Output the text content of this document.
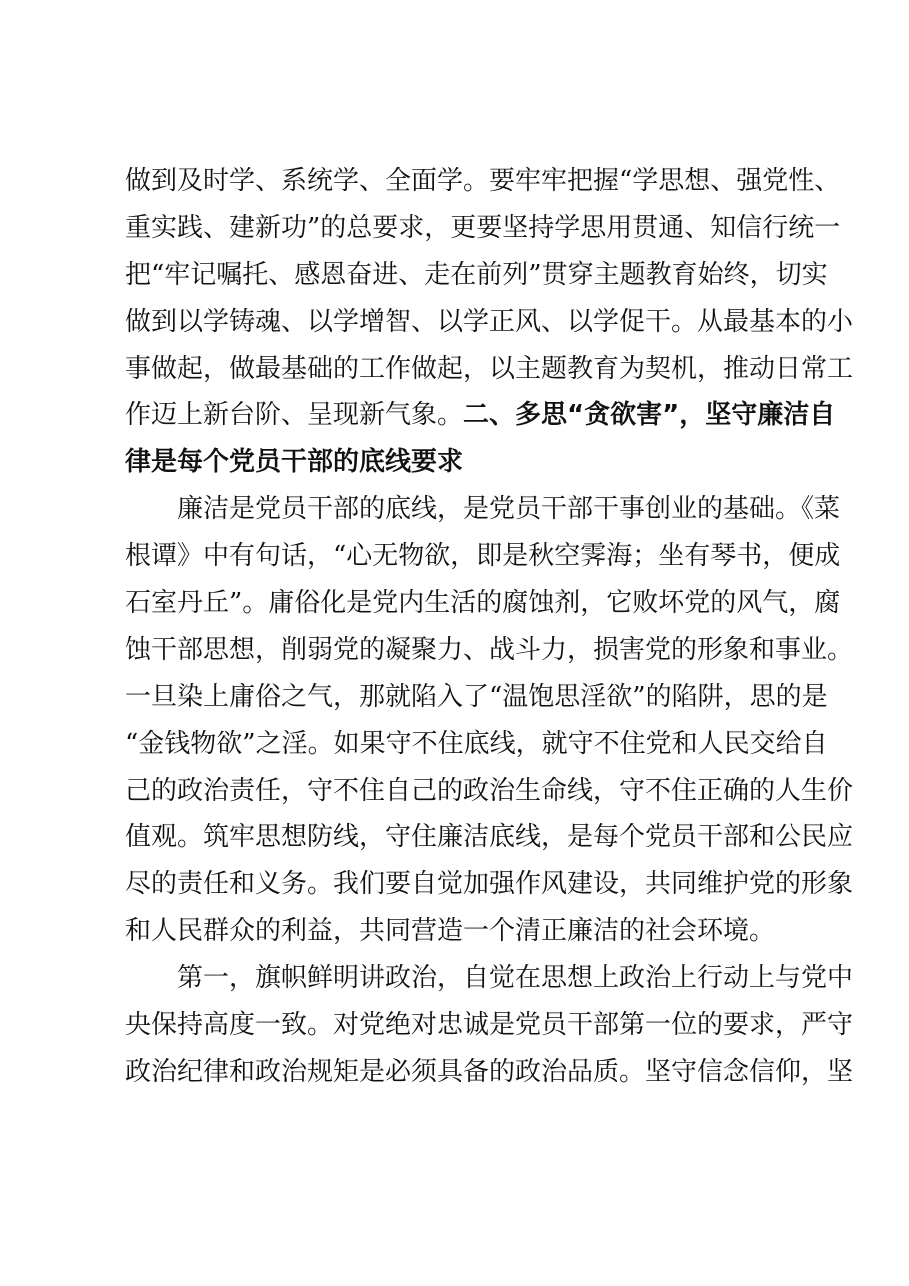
做到及时学、系统学、全面学。要牢牢把握“学思想、强党性、
重实践、建新功”的总要求，更要坚持学思用贯通、知信行统一
把“牢记嘱托、感恩奋进、走在前列”贯穿主题教育始终，切实
做到以学铸魂、以学增智、以学正风、以学促干。从最基本的小
事做起，做最基础的工作做起，以主题教育为契机，推动日常工
作迈上新台阶、呈现新气象。二、多思“贪欲害”，坚守廉洁自
律是每个党员干部的底线要求
廉洁是党员干部的底线，是党员干部干事创业的基础。《菜
根谭》中有句话，“心无物欲，即是秋空霁海；坐有琴书，便成
石室丹丘”。庸俗化是党内生活的腐蚀剂，它败坏党的风气，腐
蚀干部思想，削弱党的凝聚力、战斗力，损害党的形象和事业。
一旦染上庸俗之气，那就陷入了“温饱思淫欲”的陷阱，思的是
“金钱物欲”之淫。如果守不住底线，就守不住党和人民交给自
己的政治责任，守不住自己的政治生命线，守不住正确的人生价
值观。筑牢思想防线，守住廉洁底线，是每个党员干部和公民应
尽的责任和义务。我们要自觉加强作风建设，共同维护党的形象
和人民群众的利益，共同营造一个清正廉洁的社会环境。
第一，旗帜鲜明讲政治，自觉在思想上政治上行动上与党中
央保持高度一致。对党绝对忠诚是党员干部第一位的要求，严守
政治纪律和政治规矩是必须具备的政治品质。坚守信念信仰，坚
